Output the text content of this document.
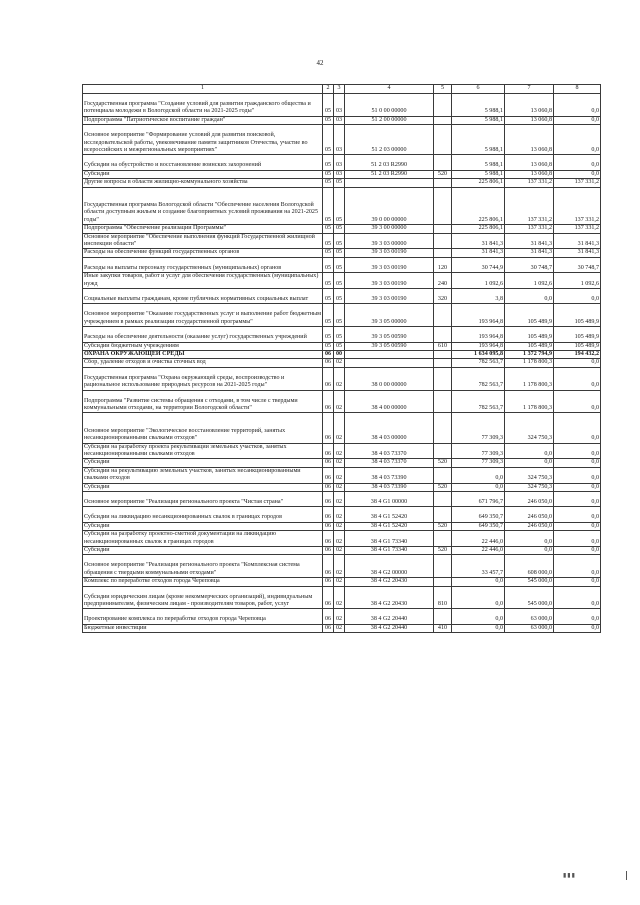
42
1	2	3	4	5	6	7	8
Государственная программа "Создание условий для развития гражданского общества и потенциала молодежи в Вологодской области на 2021-2025 годы"	05	03	51 0 00 00000		5 988,1	13 060,8	0,0
Подпрограмма "Патриотическое воспитание граждан"	05	03	51 2 00 00000		5 988,1	13 060,8	0,0
Основное мероприятие "Формирование условий для развития поисковой, исследовательской работы, увековечивание памяти защитников Отечества, участие во всероссийских и межрегиональных мероприятиях"	05	03	51 2 03 00000		5 988,1	13 060,8	0,0
Субсидии на обустройство и восстановление воинских захоронений	05	03	51 2 03 R2990		5 988,1	13 060,8	0,0
Субсидии	05	03	51 2 03 R2990	520	5 988,1	13 060,8	0,0
Другие вопросы в области жилищно-коммунального хозяйства	05	05			225 806,1	137 331,2	137 331,2
Государственная программа Вологодской области "Обеспечение населения Вологодской области доступным жильем и создание благоприятных условий проживания на 2021-2025 годы"	05	05	39 0 00 00000		225 806,1	137 331,2	137 331,2
Подпрограмма "Обеспечение реализации Программы"	05	05	39 3 00 00000		225 806,1	137 331,2	137 331,2
Основное мероприятие "Обеспечение выполнения функций Государственной жилищной инспекции области"	05	05	39 3 03 00000		31 841,3	31 841,3	31 841,3
Расходы на обеспечение функций государственных органов	05	05	39 3 03 00190		31 841,3	31 841,3	31 841,3
Расходы на выплаты персоналу государственных (муниципальных) органов	05	05	39 3 03 00190	120	30 744,9	30 748,7	30 748,7
Иные закупки товаров, работ и услуг для обеспечения государственных (муниципальных) нужд	05	05	39 3 03 00190	240	1 092,6	1 092,6	1 092,6
Социальные выплаты гражданам, кроме публичных нормативных социальных выплат	05	05	39 3 03 00190	320	3,8	0,0	0,0
Основное мероприятие "Оказание государственных услуг и выполнение работ бюджетным учреждением в рамках реализации государственной программы"	05	05	39 3 05 00000		193 964,8	105 489,9	105 489,9
Расходы на обеспечение деятельности (оказание услуг) государственных учреждений	05	05	39 3 05 00590		193 964,8	105 489,9	105 489,9
Субсидии бюджетным учреждениям	05	05	39 3 05 00590	610	193 964,8	105 489,9	105 489,9
ОХРАНА ОКРУЖАЮЩЕЙ СРЕДЫ	06	00			1 634 095,8	1 372 794,9	194 432,2
Сбор, удаление отходов и очистка сточных вод	06	02			782 563,7	1 178 800,3	0,0
Государственная программа "Охрана окружающей среды, воспроизводство и рациональное использование природных ресурсов на 2021-2025 годы"	06	02	38 0 00 00000		782 563,7	1 178 800,3	0,0
Подпрограмма "Развитие системы обращения с отходами, в том числе с твердыми коммунальными отходами, на территории Вологодской области"	06	02	38 4 00 00000		782 563,7	1 178 800,3	0,0
Основное мероприятие "Экологическое восстановление территорий, занятых несанкционированными свалками отходов"	06	02	38 4 03 00000		77 309,3	324 750,3	0,0
Субсидии на разработку проекта рекультивации земельных участков, занятых несанкционированными свалками отходов	06	02	38 4 03 73370		77 309,3	0,0	0,0
Субсидии	06	02	38 4 03 73370	520	77 309,3	0,0	0,0
Субсидии на рекультивацию земельных участков, занятых несанкционированными свалками отходов	06	02	38 4 03 73390		0,0	324 750,3	0,0
Субсидии	06	02	38 4 03 73390	520	0,0	324 750,3	0,0
Основное мероприятие "Реализация регионального проекта "Чистая страна"	06	02	38 4 G1 00000		671 796,7	246 050,0	0,0
Субсидии на ликвидацию несанкционированных свалок в границах городов	06	02	38 4 G1 52420		649 350,7	246 050,0	0,0
Субсидии	06	02	38 4 G1 52420	520	649 350,7	246 050,0	0,0
Субсидии на разработку проектно-сметной документации на ликвидацию несанкционированных свалок в границах городов	06	02	38 4 G1 73340		22 446,0	0,0	0,0
Субсидии	06	02	38 4 G1 73340	520	22 446,0	0,0	0,0
Основное мероприятие "Реализация регионального проекта "Комплексная система обращения с твердыми коммунальными отходами"	06	02	38 4 G2 00000		33 457,7	608 000,0	0,0
Комплекс по переработке отходов города Череповца	06	02	38 4 G2 20430		0,0	545 000,0	0,0
Субсидии юридическим лицам (кроме некоммерческих организаций), индивидуальным предпринимателям, физическим лицам - производителям товаров, работ, услуг	06	02	38 4 G2 20430	810	0,0	545 000,0	0,0
Проектирование комплекса по переработке отходов города Череповца	06	02	38 4 G2 20440		0,0	63 000,0	0,0
Бюджетные инвестиции	06	02	38 4 G2 20440	410	0,0	63 000,0	0,0
▮▮▮
